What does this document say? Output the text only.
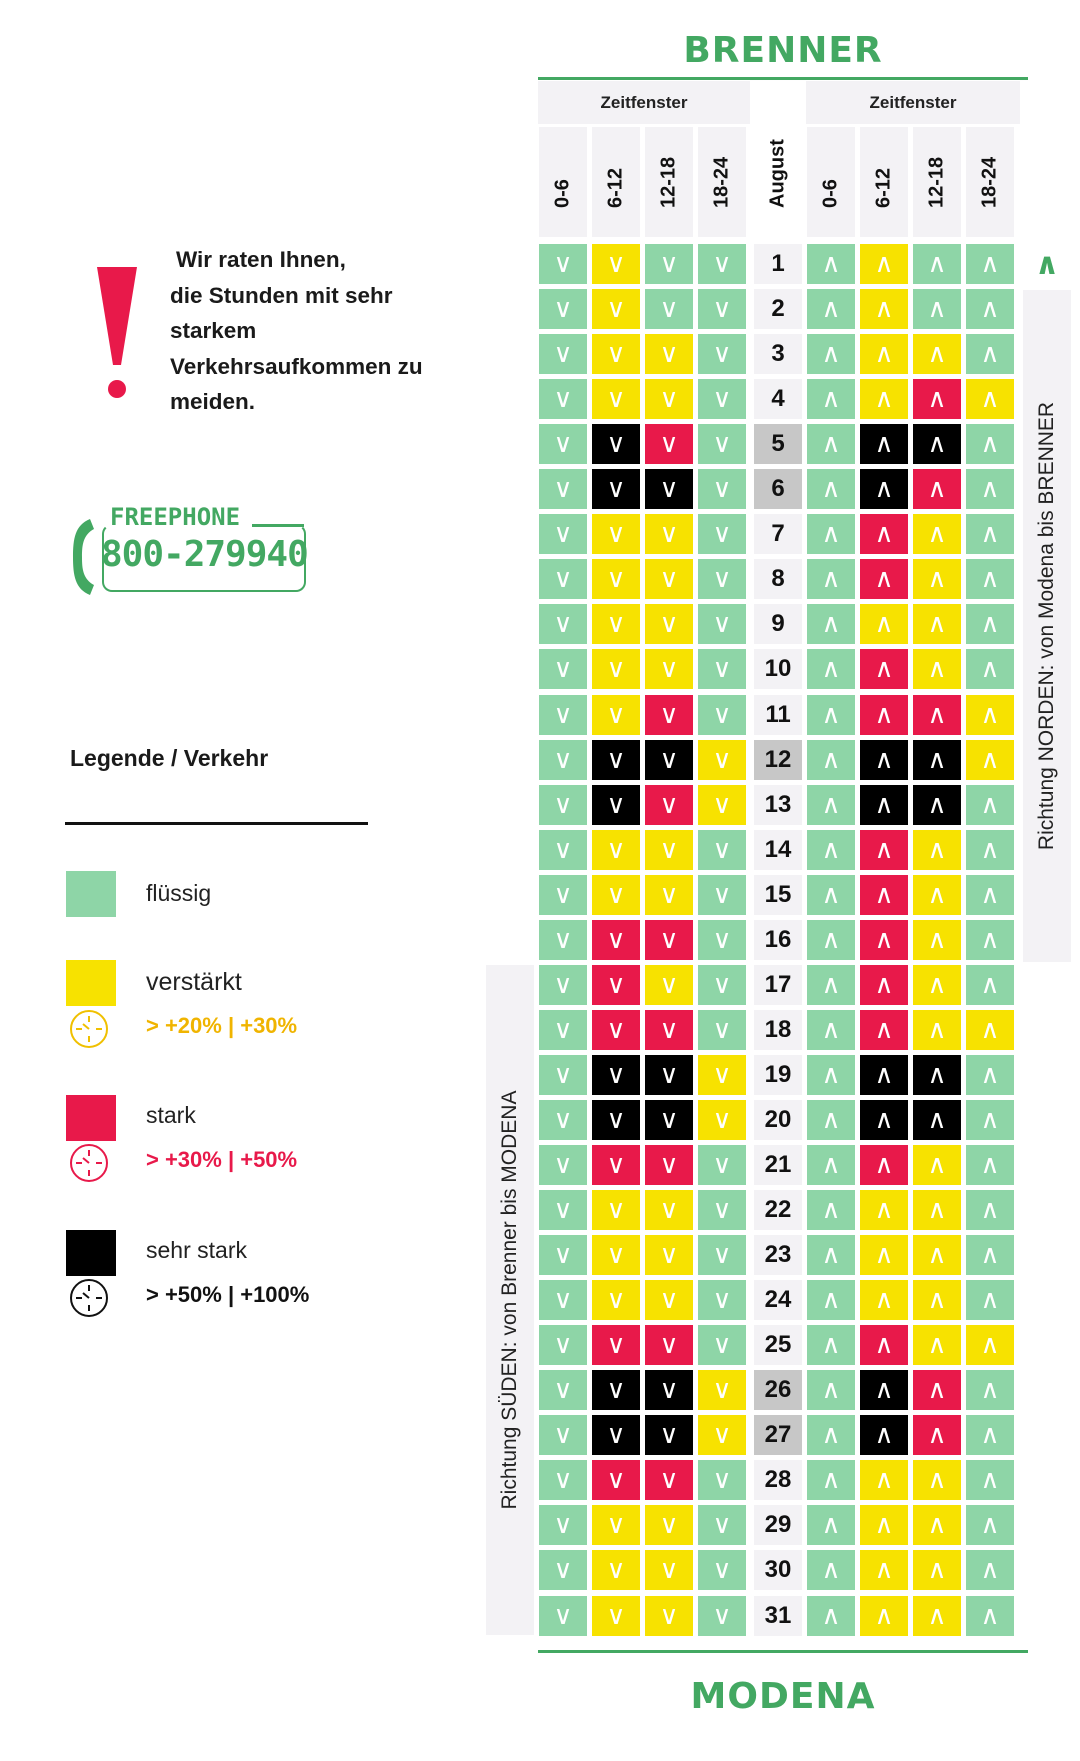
BRENNER
Zeitfenster	Zeitfenster
0-6 6-12 12-18 18-24 August 0-6 6-12 12-18 18-24
Richtung SÜDEN: von Brenner bis MODENA
Richtung NORDEN: von Modena bis BRENNER
∧
∨	∨	∨	∨	1	∧	∧	∧	∧
∨	∨	∨	∨	2	∧	∧	∧	∧
∨	∨	∨	∨	3	∧	∧	∧	∧
∨	∨	∨	∨	4	∧	∧	∧	∧
∨	∨	∨	∨	5	∧	∧	∧	∧
∨	∨	∨	∨	6	∧	∧	∧	∧
∨	∨	∨	∨	7	∧	∧	∧	∧
∨	∨	∨	∨	8	∧	∧	∧	∧
∨	∨	∨	∨	9	∧	∧	∧	∧
∨	∨	∨	∨	10	∧	∧	∧	∧
∨	∨	∨	∨	11	∧	∧	∧	∧
∨	∨	∨	∨	12	∧	∧	∧	∧
∨	∨	∨	∨	13	∧	∧	∧	∧
∨	∨	∨	∨	14	∧	∧	∧	∧
∨	∨	∨	∨	15	∧	∧	∧	∧
∨	∨	∨	∨	16	∧	∧	∧	∧
∨	∨	∨	∨	17	∧	∧	∧	∧
∨	∨	∨	∨	18	∧	∧	∧	∧
∨	∨	∨	∨	19	∧	∧	∧	∧
∨	∨	∨	∨	20	∧	∧	∧	∧
∨	∨	∨	∨	21	∧	∧	∧	∧
∨	∨	∨	∨	22	∧	∧	∧	∧
∨	∨	∨	∨	23	∧	∧	∧	∧
∨	∨	∨	∨	24	∧	∧	∧	∧
∨	∨	∨	∨	25	∧	∧	∧	∧
∨	∨	∨	∨	26	∧	∧	∧	∧
∨	∨	∨	∨	27	∧	∧	∧	∧
∨	∨	∨	∨	28	∧	∧	∧	∧
∨	∨	∨	∨	29	∧	∧	∧	∧
∨	∨	∨	∨	30	∧	∧	∧	∧
∨	∨	∨	∨	31	∧	∧	∧	∧
MODENA
Wir raten Ihnen,
die Stunden mit sehr
starkem
Verkehrsaufkommen zu
meiden.
FREEPHONE
800-279940
Legende / Verkehr
flüssig
verstärkt
> +20% | +30%
stark
> +30% | +50%
sehr stark
> +50% | +100%
